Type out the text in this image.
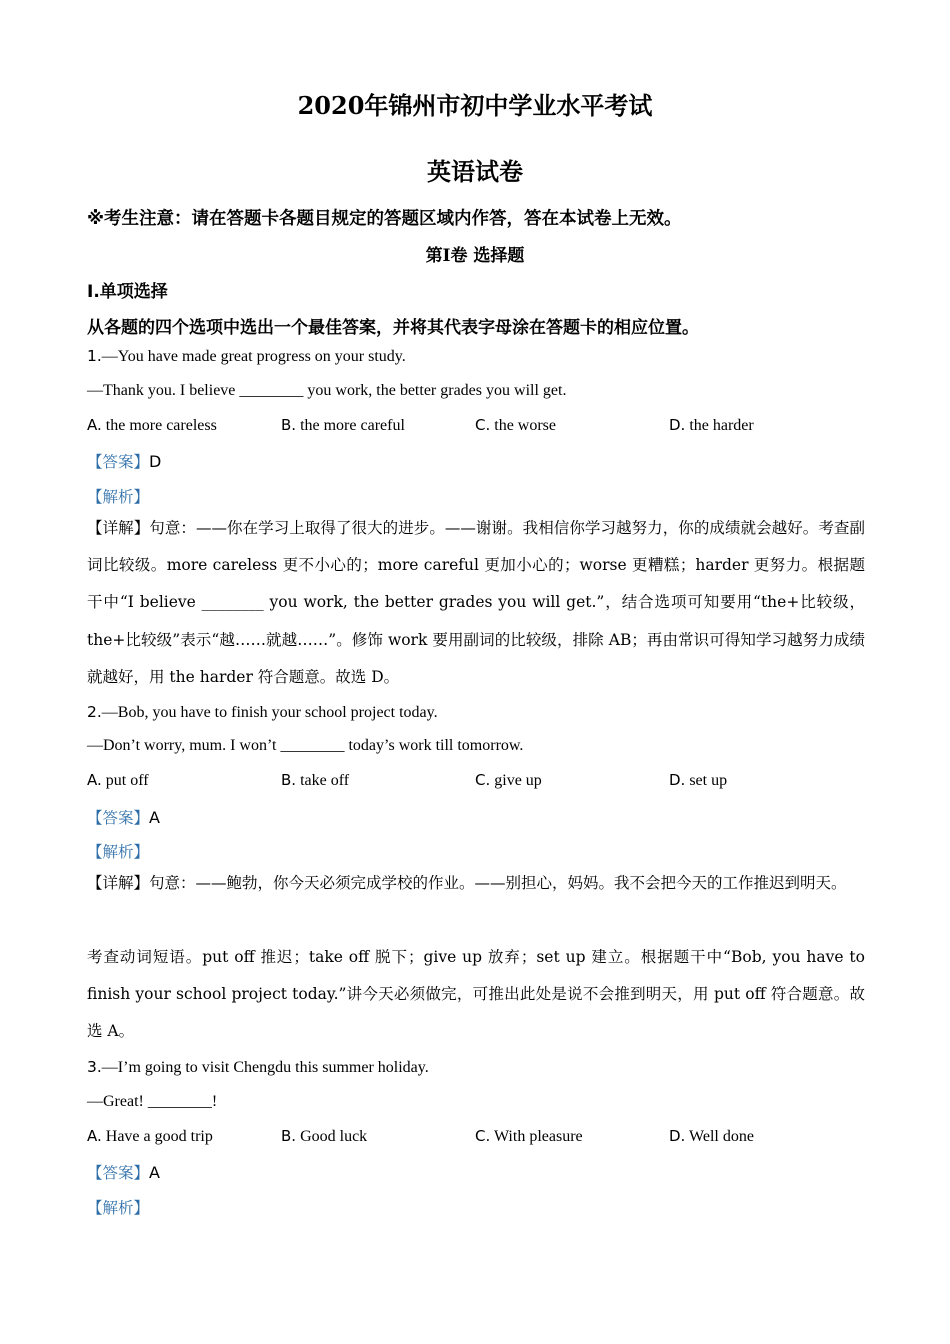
2020年锦州市初中学业水平考试
英语试卷
※考生注意：请在答题卡各题目规定的答题区域内作答，答在本试卷上无效。
第Ⅰ卷 选择题
Ⅰ.单项选择
从各题的四个选项中选出一个最佳答案，并将其代表字母涂在答题卡的相应位置。
1.—You have made great progress on your study.
—Thank you. I believe ________ you work, the better grades you will get.
A. the more careless	B. the more careful	C. the worse	D. the harder
【答案】D
【解析】
【详解】句意：——你在学习上取得了很大的进步。——谢谢。我相信你学习越努力，你的成绩就会越好。考查副词比较级。more careless 更不小心的；more careful 更加小心的；worse 更糟糕；harder 更努力。根据题干中“I believe ________ you work, the better grades you will get.”，结合选项可知要用“the+比较级，the+比较级”表示“越……就越……”。修饰 work 要用副词的比较级，排除 AB；再由常识可得知学习越努力成绩就越好，用 the harder 符合题意。故选 D。
2.—Bob, you have to finish your school project today.
—Don’t worry, mum. I won’t ________ today’s work till tomorrow.
A. put off	B. take off	C. give up	D. set up
【答案】A
【解析】
【详解】句意：——鲍勃，你今天必须完成学校的作业。——别担心，妈妈。我不会把今天的工作推迟到明天。
考查动词短语。put off 推迟；take off 脱下；give up 放弃；set up 建立。根据题干中“Bob, you have to finish your school project today.”讲今天必须做完，可推出此处是说不会推到明天，用 put off 符合题意。故选 A。
3.—I’m going to visit Chengdu this summer holiday.
—Great! ________!
A. Have a good trip	B. Good luck	C. With pleasure	D. Well done
【答案】A
【解析】
